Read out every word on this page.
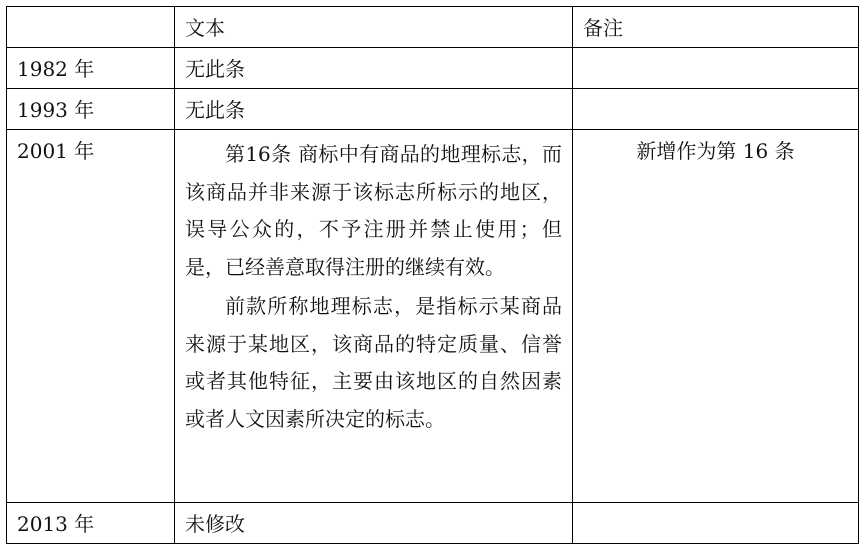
	文本	备注
1982 年	无此条	
1993 年	无此条	
2001 年	第16条 商标中有商品的地理标志，而该商品并非来源于该标志所标示的地区，误导公众的，不予注册并禁止使用；但是，已经善意取得注册的继续有效。

前款所称地理标志，是指标示某商品来源于某地区，该商品的特定质量、信誉或者其他特征，主要由该地区的自然因素或者人文因素所决定的标志。	新增作为第 16 条
2013 年	未修改	
